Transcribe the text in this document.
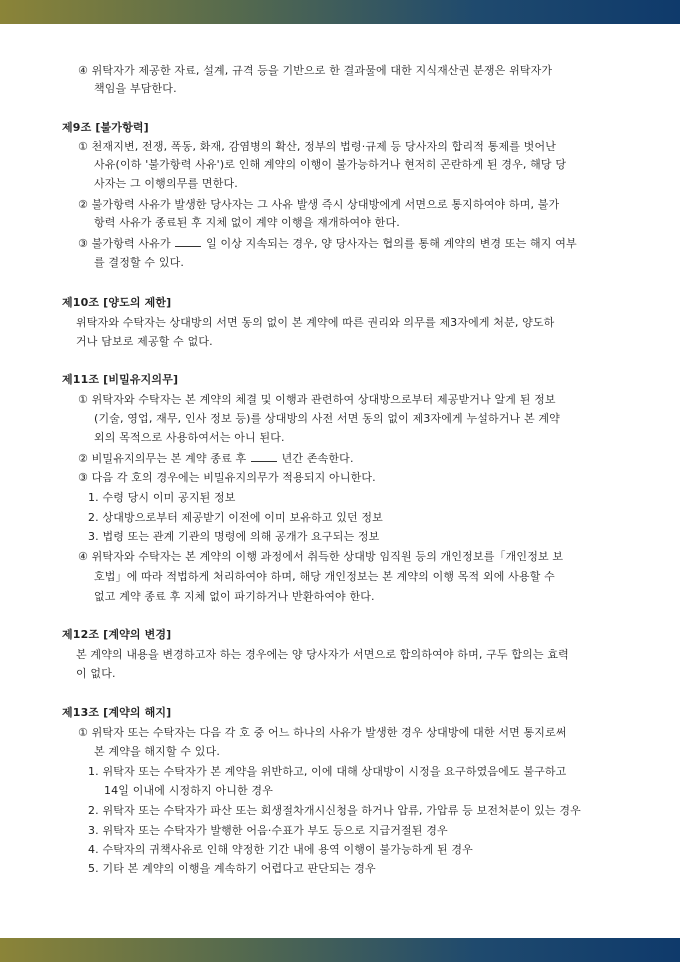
④ 위탁자가 제공한 자료, 설계, 규격 등을 기반으로 한 결과물에 대한 지식재산권 분쟁은 위탁자가
책임을 부담한다.
제9조 [불가항력]
① 천재지변, 전쟁, 폭동, 화재, 감염병의 확산, 정부의 법령·규제 등 당사자의 합리적 통제를 벗어난
사유(이하 '불가항력 사유')로 인해 계약의 이행이 불가능하거나 현저히 곤란하게 된 경우, 해당 당
사자는 그 이행의무를 면한다.
② 불가항력 사유가 발생한 당사자는 그 사유 발생 즉시 상대방에게 서면으로 통지하여야 하며, 불가
항력 사유가 종료된 후 지체 없이 계약 이행을 재개하여야 한다.
③ 불가항력 사유가	일 이상 지속되는 경우, 양 당사자는 협의를 통해 계약의 변경 또는 해지 여부
를 결정할 수 있다.
제10조 [양도의 제한]
위탁자와 수탁자는 상대방의 서면 동의 없이 본 계약에 따른 권리와 의무를 제3자에게 처분, 양도하
거나 담보로 제공할 수 없다.
제11조 [비밀유지의무]
① 위탁자와 수탁자는 본 계약의 체결 및 이행과 관련하여 상대방으로부터 제공받거나 알게 된 정보
(기술, 영업, 재무, 인사 정보 등)를 상대방의 사전 서면 동의 없이 제3자에게 누설하거나 본 계약
외의 목적으로 사용하여서는 아니 된다.
② 비밀유지의무는 본 계약 종료 후	년간 존속한다.
③ 다음 각 호의 경우에는 비밀유지의무가 적용되지 아니한다.
1. 수령 당시 이미 공지된 정보
2. 상대방으로부터 제공받기 이전에 이미 보유하고 있던 정보
3. 법령 또는 관계 기관의 명령에 의해 공개가 요구되는 정보
④ 위탁자와 수탁자는 본 계약의 이행 과정에서 취득한 상대방 임직원 등의 개인정보를「개인정보 보
호법」에 따라 적법하게 처리하여야 하며, 해당 개인정보는 본 계약의 이행 목적 외에 사용할 수
없고 계약 종료 후 지체 없이 파기하거나 반환하여야 한다.
제12조 [계약의 변경]
본 계약의 내용을 변경하고자 하는 경우에는 양 당사자가 서면으로 합의하여야 하며, 구두 합의는 효력
이 없다.
제13조 [계약의 해지]
① 위탁자 또는 수탁자는 다음 각 호 중 어느 하나의 사유가 발생한 경우 상대방에 대한 서면 통지로써
본 계약을 해지할 수 있다.
1. 위탁자 또는 수탁자가 본 계약을 위반하고, 이에 대해 상대방이 시정을 요구하였음에도 불구하고
14일 이내에 시정하지 아니한 경우
2. 위탁자 또는 수탁자가 파산 또는 회생절차개시신청을 하거나 압류, 가압류 등 보전처분이 있는 경우
3. 위탁자 또는 수탁자가 발행한 어음·수표가 부도 등으로 지급거절된 경우
4. 수탁자의 귀책사유로 인해 약정한 기간 내에 용역 이행이 불가능하게 된 경우
5. 기타 본 계약의 이행을 계속하기 어렵다고 판단되는 경우
